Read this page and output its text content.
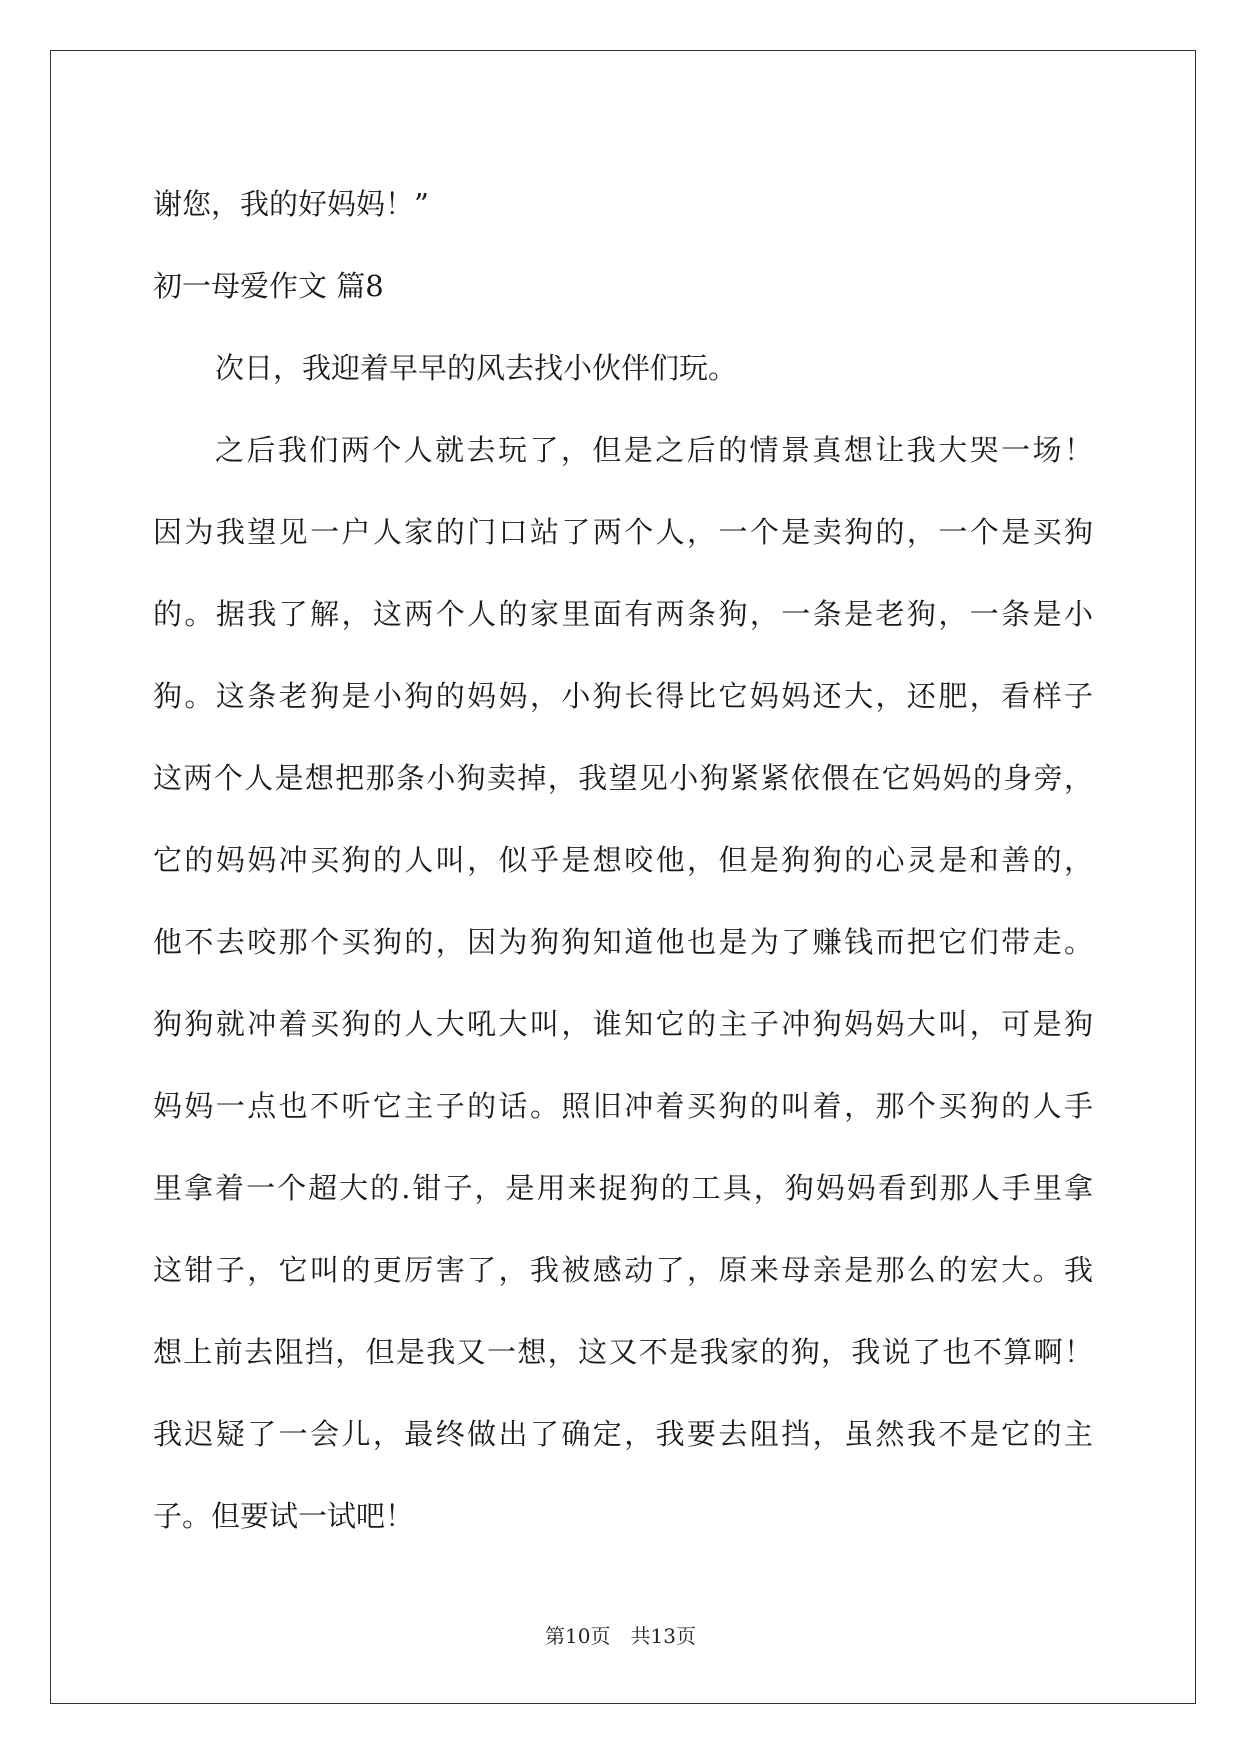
谢您，我的好妈妈！”
初一母爱作文 篇8
次日，我迎着早早的风去找小伙伴们玩。
之后我们两个人就去玩了，但是之后的情景真想让我大哭一场！
因为我望见一户人家的门口站了两个人，一个是卖狗的，一个是买狗
的。据我了解，这两个人的家里面有两条狗，一条是老狗，一条是小
狗。这条老狗是小狗的妈妈，小狗长得比它妈妈还大，还肥，看样子
这两个人是想把那条小狗卖掉，我望见小狗紧紧依偎在它妈妈的身旁，
它的妈妈冲买狗的人叫，似乎是想咬他，但是狗狗的心灵是和善的，
他不去咬那个买狗的，因为狗狗知道他也是为了赚钱而把它们带走。
狗狗就冲着买狗的人大吼大叫，谁知它的主子冲狗妈妈大叫，可是狗
妈妈一点也不听它主子的话。照旧冲着买狗的叫着，那个买狗的人手
里拿着一个超大的.钳子，是用来捉狗的工具，狗妈妈看到那人手里拿
这钳子，它叫的更厉害了，我被感动了，原来母亲是那么的宏大。我
想上前去阻挡，但是我又一想，这又不是我家的狗，我说了也不算啊！
我迟疑了一会儿，最终做出了确定，我要去阻挡，虽然我不是它的主
子。但要试一试吧！
第10页　共13页
